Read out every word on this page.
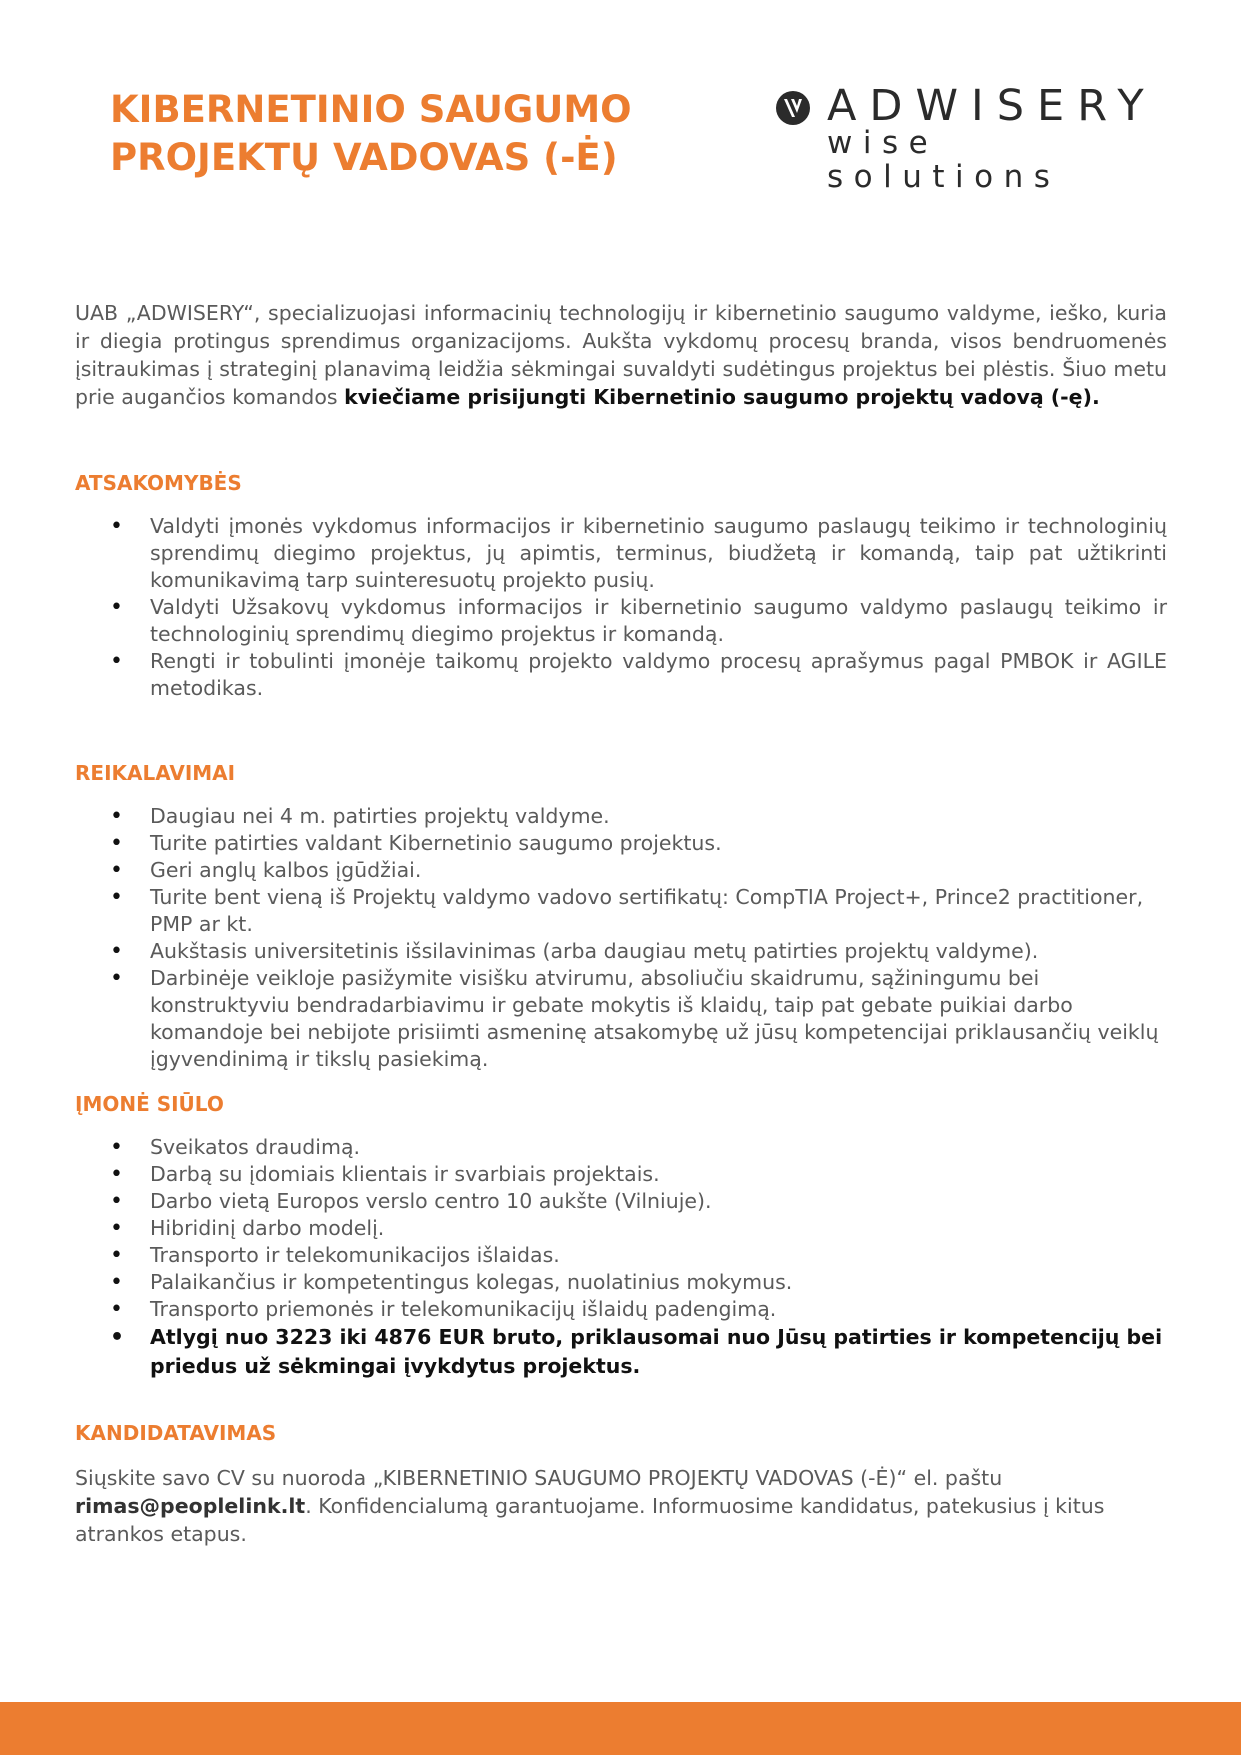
KIBERNETINIO SAUGUMO
PROJEKTŲ VADOVAS (-Ė)
ADWISERY
wise solutions

UAB „ADWISERY“, specializuojasi informacinių technologijų ir kibernetinio saugumo valdyme, ieško, kuria ir diegia protingus sprendimus organizacijoms. Aukšta vykdomų procesų branda, visos bendruomenės įsitraukimas į strateginį planavimą leidžia sėkmingai suvaldyti sudėtingus projektus bei plėstis. Šiuo metu prie augančios komandos kviečiame prisijungti Kibernetinio saugumo projektų vadovą (-ę).

ATSAKOMYBĖS
• Valdyti įmonės vykdomus informacijos ir kibernetinio saugumo paslaugų teikimo ir technologinių sprendimų diegimo projektus, jų apimtis, terminus, biudžetą ir komandą, taip pat užtikrinti komunikavimą tarp suinteresuotų projekto pusių.
• Valdyti Užsakovų vykdomus informacijos ir kibernetinio saugumo valdymo paslaugų teikimo ir technologinių sprendimų diegimo projektus ir komandą.
• Rengti ir tobulinti įmonėje taikomų projekto valdymo procesų aprašymus pagal PMBOK ir AGILE metodikas.
REIKALAVIMAI
• Daugiau nei 4 m. patirties projektų valdyme.
• Turite patirties valdant Kibernetinio saugumo projektus.
• Geri anglų kalbos įgūdžiai.
• Turite bent vieną iš Projektų valdymo vadovo sertifikatų: CompTIA Project+, Prince2 practitioner, PMP ar kt.
• Aukštasis universitetinis išsilavinimas (arba daugiau metų patirties projektų valdyme).
• Darbinėje veikloje pasižymite visišku atvirumu, absoliučiu skaidrumu, sąžiningumu bei konstruktyviu bendradarbiavimu ir gebate mokytis iš klaidų, taip pat gebate puikiai darbo komandoje bei nebijote prisiimti asmeninę atsakomybę už jūsų kompetencijai priklausančių veiklų įgyvendinimą ir tikslų pasiekimą.
ĮMONĖ SIŪLO
• Sveikatos draudimą.
• Darbą su įdomiais klientais ir svarbiais projektais.
• Darbo vietą Europos verslo centro 10 aukšte (Vilniuje).
• Hibridinį darbo modelį.
• Transporto ir telekomunikacijos išlaidas.
• Palaikančius ir kompetentingus kolegas, nuolatinius mokymus.
• Transporto priemonės ir telekomunikacijų išlaidų padengimą.
• Atlygį nuo 3223 iki 4876 EUR bruto, priklausomai nuo Jūsų patirties ir kompetencijų bei priedus už sėkmingai įvykdytus projektus.
KANDIDATAVIMAS

Siųskite savo CV su nuoroda „KIBERNETINIO SAUGUMO PROJEKTŲ VADOVAS (-Ė)“ el. paštu rimas@peoplelink.lt. Konfidencialumą garantuojame. Informuosime kandidatus, patekusius į kitus atrankos etapus.
